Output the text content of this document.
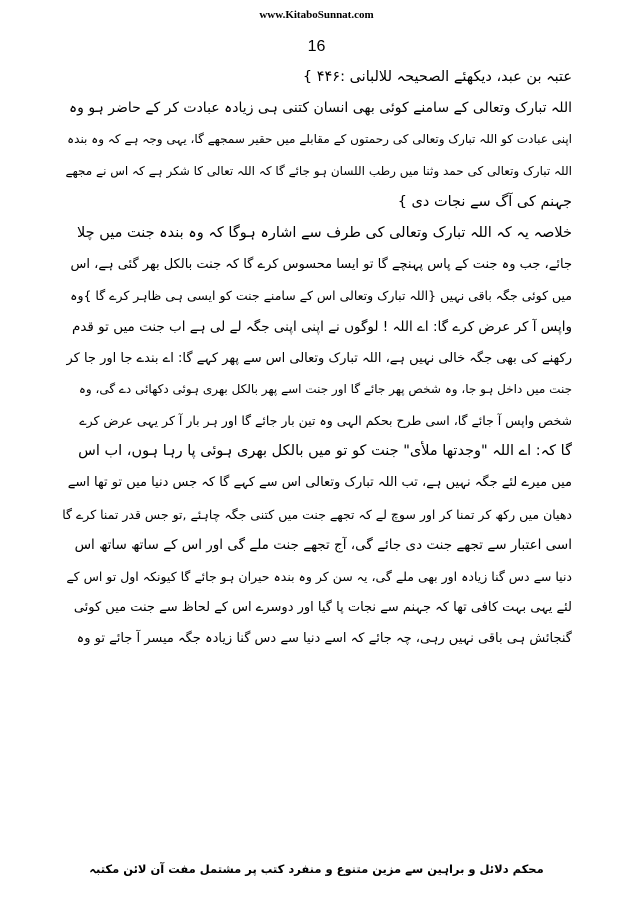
www.KitaboSunnat.com
16
عتبہ بن عبد، دیکھئے الصحیحہ للالبانی :۴۴۶ }
اللہ تبارک وتعالی کے سامنے کوئی بھی انسان کتنی ہی زیادہ عبادت کر کے حاضر ہو وہ
اپنی عبادت کو اللہ تبارک وتعالی کی رحمتوں کے مقابلے میں حقیر سمجھے گا، یہی وجہ ہے کہ وہ بندہ
اللہ تبارک وتعالی کی حمد وثنا میں رطب اللسان ہو جائے گا کہ اللہ تعالی کا شکر ہے کہ اس نے مجھے
جہنم کی آگ سے نجات دی }
خلاصہ یہ کہ اللہ تبارک وتعالی کی طرف سے اشارہ ہوگا کہ وہ بندہ جنت میں چلا
جائے، جب وہ جنت کے پاس پہنچے گا تو ایسا محسوس کرے گا کہ جنت بالکل بھر گئی ہے، اس
میں کوئی جگہ باقی نہیں {اللہ تبارک وتعالی اس کے سامنے جنت کو ایسی ہی ظاہر کرے گا }وہ
واپس آ کر عرض کرے گا: اے اللہ ! لوگوں نے اپنی اپنی جگہ لے لی ہے اب جنت میں تو قدم
رکھنے کی بھی جگہ خالی نہیں ہے، اللہ تبارک وتعالی اس سے پھر کہے گا: اے بندے جا اور جا کر
جنت میں داخل ہو جا، وہ شخص پھر جائے گا اور جنت اسے پھر بالکل بھری ہوئی دکھائی دے گی، وہ
شخص واپس آ جائے گا، اسی طرح بحکم الہی وہ تین بار جائے گا اور ہر بار آ کر یہی عرض کرے
گا کہ: اے اللہ "وجدتھا ملأى" جنت کو تو میں بالکل بھری ہوئی پا رہا ہوں، اب اس
میں میرے لئے جگہ نہیں ہے، تب اللہ تبارک وتعالی اس سے کہے گا کہ جس دنیا میں تو تھا اسے
دھیان میں رکھ کر تمنا کر اور سوچ لے کہ تجھے جنت میں کتنی جگہ چاہئے ,تو جس قدر تمنا کرے گا
اسی اعتبار سے تجھے جنت دی جائے گی، آج تجھے جنت ملے گی اور اس کے ساتھ ساتھ اس
دنیا سے دس گنا زیادہ اور بھی ملے گی، یہ سن کر وہ بندہ حیران ہو جائے گا کیونکہ اول تو اس کے
لئے یہی بہت کافی تھا کہ جہنم سے نجات پا گیا اور دوسرے اس کے لحاظ سے جنت میں کوئی
گنجائش ہی باقی نہیں رہی، چہ جائے کہ اسے دنیا سے دس گنا زیادہ جگہ میسر آ جائے تو وہ
محکم دلائل و براہین سے مزین متنوع و منفرد کتب پر مشتمل مفت آن لائن مکتبہ
